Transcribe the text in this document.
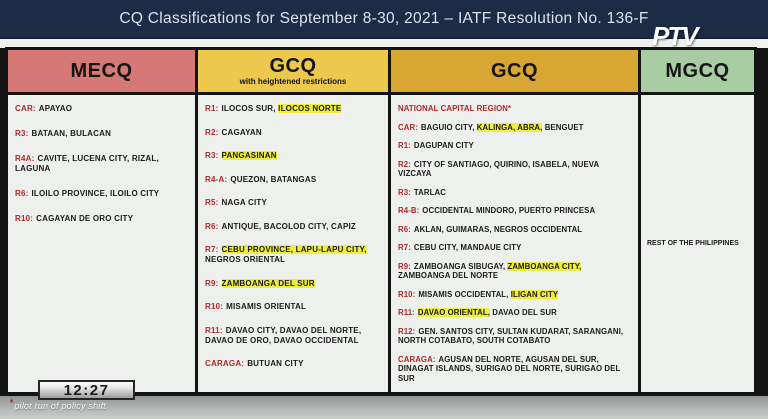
CQ Classifications for September 8-30, 2021 – IATF Resolution No. 136-F
PTV
MECQ

CAR: APAYAO

R3: BATAAN, BULACAN

R4A: CAVITE, LUCENA CITY, RIZAL, LAGUNA

R6: ILOILO PROVINCE, ILOILO CITY

R10: CAGAYAN DE ORO CITY

GCQ
with heightened restrictions

R1: ILOCOS SUR, ILOCOS NORTE

R2: CAGAYAN

R3: PANGASINAN

R4-A: QUEZON, BATANGAS

R5: NAGA CITY

R6: ANTIQUE, BACOLOD CITY, CAPIZ

R7: CEBU PROVINCE, LAPU-LAPU CITY, NEGROS ORIENTAL

R9: ZAMBOANGA DEL SUR

R10: MISAMIS ORIENTAL

R11: DAVAO CITY, DAVAO DEL NORTE, DAVAO DE ORO, DAVAO OCCIDENTAL

CARAGA: BUTUAN CITY

GCQ

NATIONAL CAPITAL REGION*

CAR: BAGUIO CITY, KALINGA, ABRA, BENGUET

R1: DAGUPAN CITY

R2: CITY OF SANTIAGO, QUIRINO, ISABELA, NUEVA VIZCAYA

R3: TARLAC

R4-B: OCCIDENTAL MINDORO, PUERTO PRINCESA

R6: AKLAN, GUIMARAS, NEGROS OCCIDENTAL

R7: CEBU CITY, MANDAUE CITY

R9: ZAMBOANGA SIBUGAY, ZAMBOANGA CITY, ZAMBOANGA DEL NORTE

R10: MISAMIS OCCIDENTAL, ILIGAN CITY

R11: DAVAO ORIENTAL, DAVAO DEL SUR

R12: GEN. SANTOS CITY, SULTAN KUDARAT, SARANGANI, NORTH COTABATO, SOUTH COTABATO

CARAGA: AGUSAN DEL NORTE, AGUSAN DEL SUR, DINAGAT ISLANDS, SURIGAO DEL NORTE, SURIGAO DEL SUR

MGCQ

REST OF THE PHILIPPINES

*pilot run of policy shift
12:27
